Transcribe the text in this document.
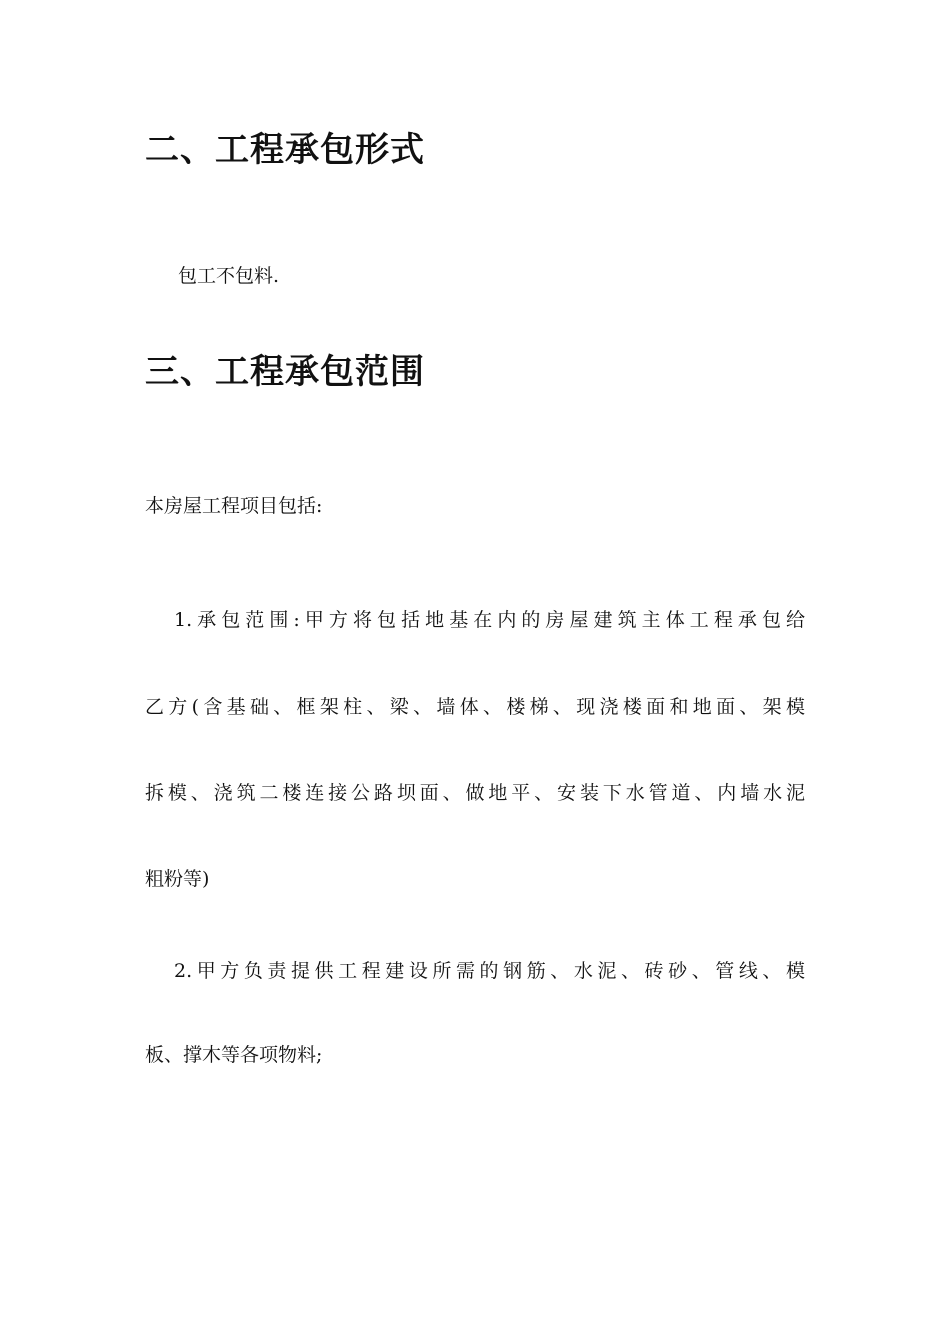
二、工程承包形式

包工不包料.

三、工程承包范围

本房屋工程项目包括:

1.承包范围:甲方将包括地基在内的房屋建筑主体工程承包给

乙方(含基础、框架柱、梁、墙体、楼梯、现浇楼面和地面、架模

拆模、浇筑二楼连接公路坝面、做地平、安装下水管道、内墙水泥

粗粉等)

2.甲方负责提供工程建设所需的钢筋、水泥、砖砂、管线、模

板、撑木等各项物料;
